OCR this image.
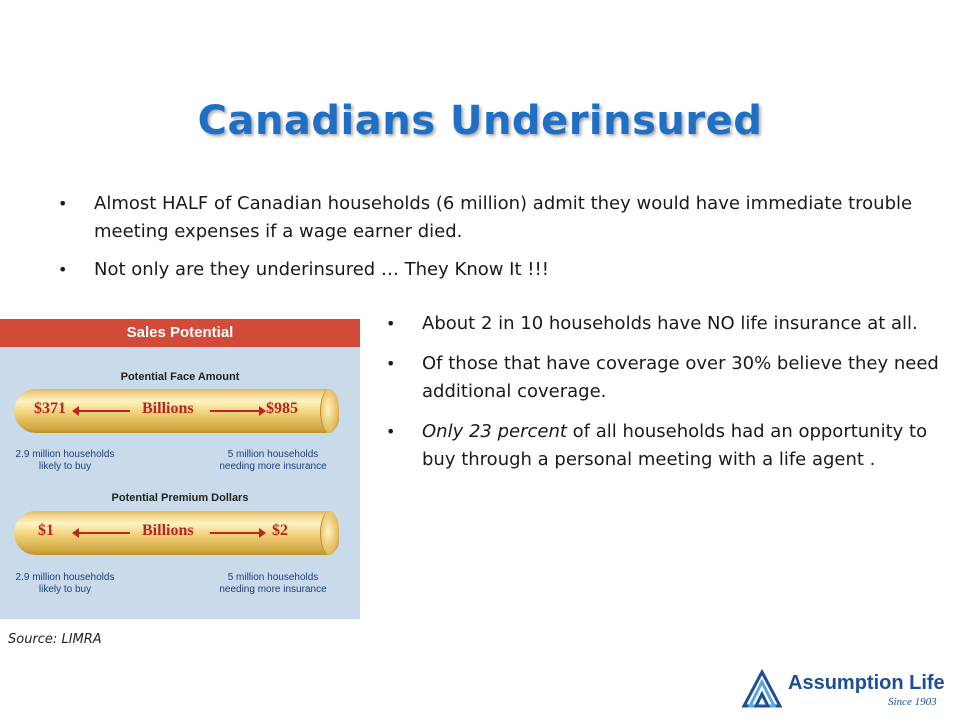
Canadians Underinsured
• Almost HALF of Canadian households (6 million) admit they would have immediate trouble meeting expenses if a wage earner died.
• Not only are they underinsured … They Know It !!!
• About 2 in 10 households have NO life insurance at all.
• Of those that have coverage over 30% believe they need additional coverage.
• Only 23 percent of all households had an opportunity to buy through a personal meeting with a life agent .
Sales Potential
Potential Face Amount
$371	Billions	$985
2.9 million households
likely to buy
5 million households
needing more insurance
Potential Premium Dollars
$1	Billions	$2
2.9 million households
likely to buy
5 million households
needing more insurance
Source: LIMRA
Assumption Life
Since 1903
